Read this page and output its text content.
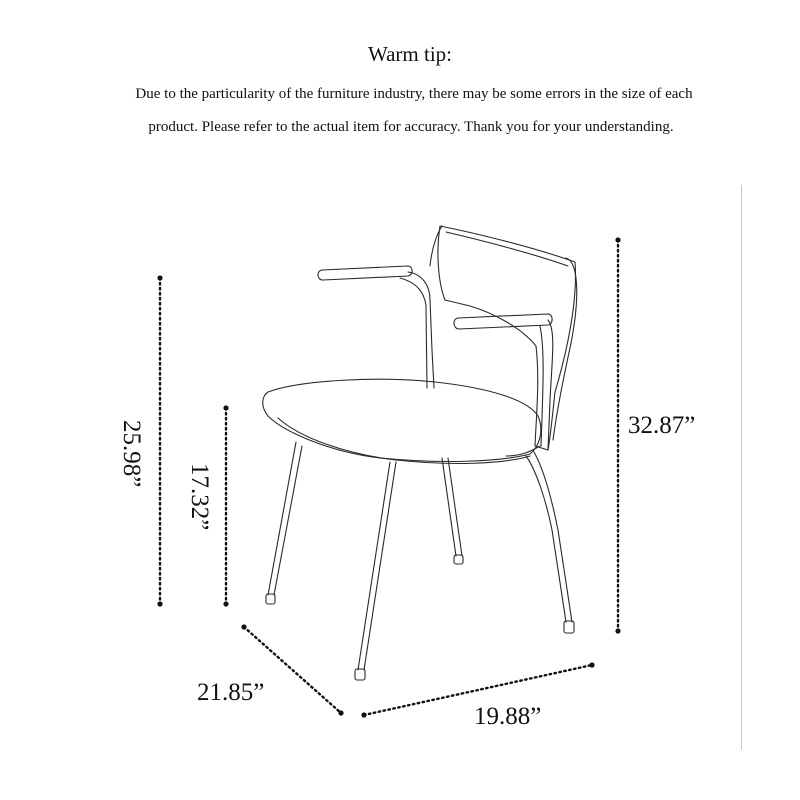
Warm tip:
Due to the particularity of the furniture industry, there may be some errors in the size of each
product. Please refer to the actual item for accuracy. Thank you for your understanding.
32.87”
25.98”
17.32”
21.85”
19.88”
